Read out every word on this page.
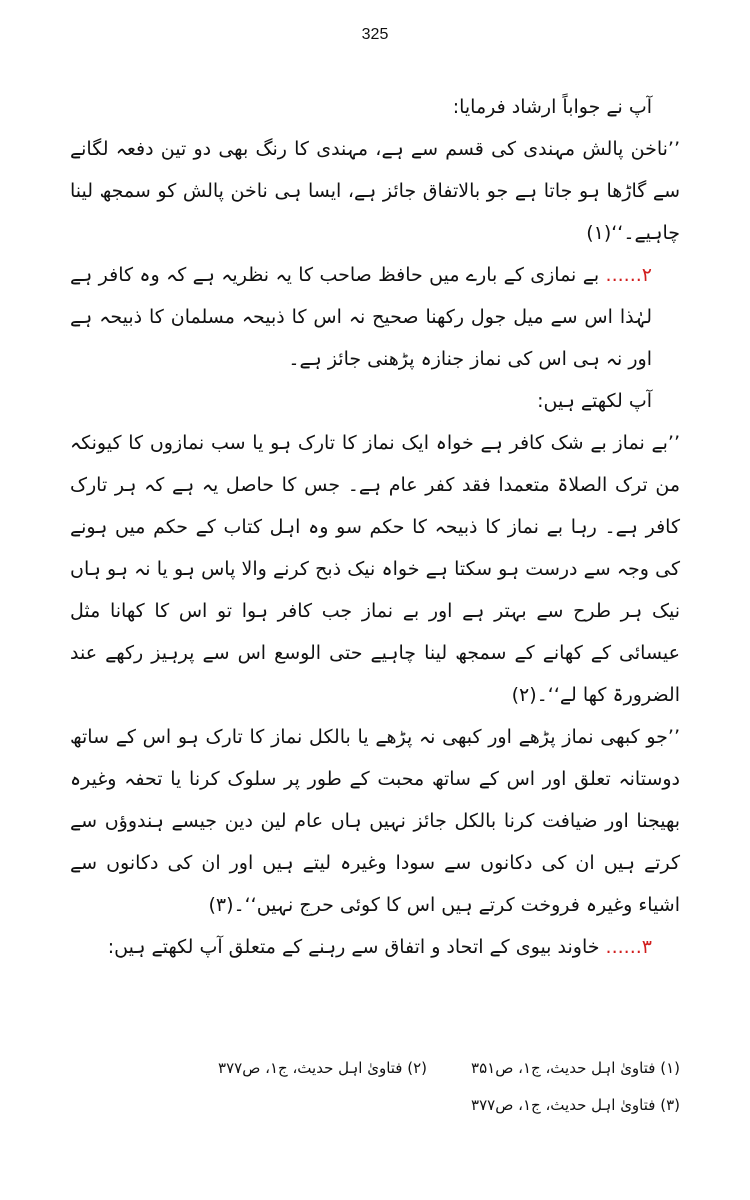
325

آپ نے جواباً ارشاد فرمایا:

’’ناخن پالش مہندی کی قسم سے ہے، مہندی کا رنگ بھی دو تین دفعہ لگانے سے گاڑھا ہو جاتا ہے جو بالاتفاق جائز ہے، ایسا ہی ناخن پالش کو سمجھ لینا چاہیے۔‘‘(۱)

۲...... بے نمازی کے بارے میں حافظ صاحب کا یہ نظریہ ہے کہ وہ کافر ہے لہٰذا اس سے میل جول رکھنا صحیح نہ اس کا ذبیحہ مسلمان کا ذبیحہ ہے اور نہ ہی اس کی نماز جنازہ پڑھنی جائز ہے۔

آپ لکھتے ہیں:

’’بے نماز بے شک کافر ہے خواہ ایک نماز کا تارک ہو یا سب نمازوں کا کیونکہ من ترک الصلاۃ متعمدا فقد کفر عام ہے۔ جس کا حاصل یہ ہے کہ ہر تارک کافر ہے۔ رہا بے نماز کا ذبیحہ کا حکم سو وہ اہل کتاب کے حکم میں ہونے کی وجہ سے درست ہو سکتا ہے خواہ نیک ذبح کرنے والا پاس ہو یا نہ ہو ہاں نیک ہر طرح سے بہتر ہے اور بے نماز جب کافر ہوا تو اس کا کھانا مثل عیسائی کے کھانے کے سمجھ لینا چاہیے حتی الوسع اس سے پرہیز رکھے عند الضرورۃ کھا لے‘‘۔(۲)

’’جو کبھی نماز پڑھے اور کبھی نہ پڑھے یا بالکل نماز کا تارک ہو اس کے ساتھ دوستانہ تعلق اور اس کے ساتھ محبت کے طور پر سلوک کرنا یا تحفہ وغیرہ بھیجنا اور ضیافت کرنا بالکل جائز نہیں ہاں عام لین دین جیسے ہندوؤں سے کرتے ہیں ان کی دکانوں سے سودا وغیرہ لیتے ہیں اور ان کی دکانوں سے اشیاء وغیرہ فروخت کرتے ہیں اس کا کوئی حرج نہیں‘‘۔(۳)

۳...... خاوند بیوی کے اتحاد و اتفاق سے رہنے کے متعلق آپ لکھتے ہیں:

(۱) فتاویٰ اہل حدیث، ج۱، ص۳۵۱(۲) فتاویٰ اہل حدیث، ج۱، ص۳۷۷

(۳) فتاویٰ اہل حدیث، ج۱، ص۳۷۷
